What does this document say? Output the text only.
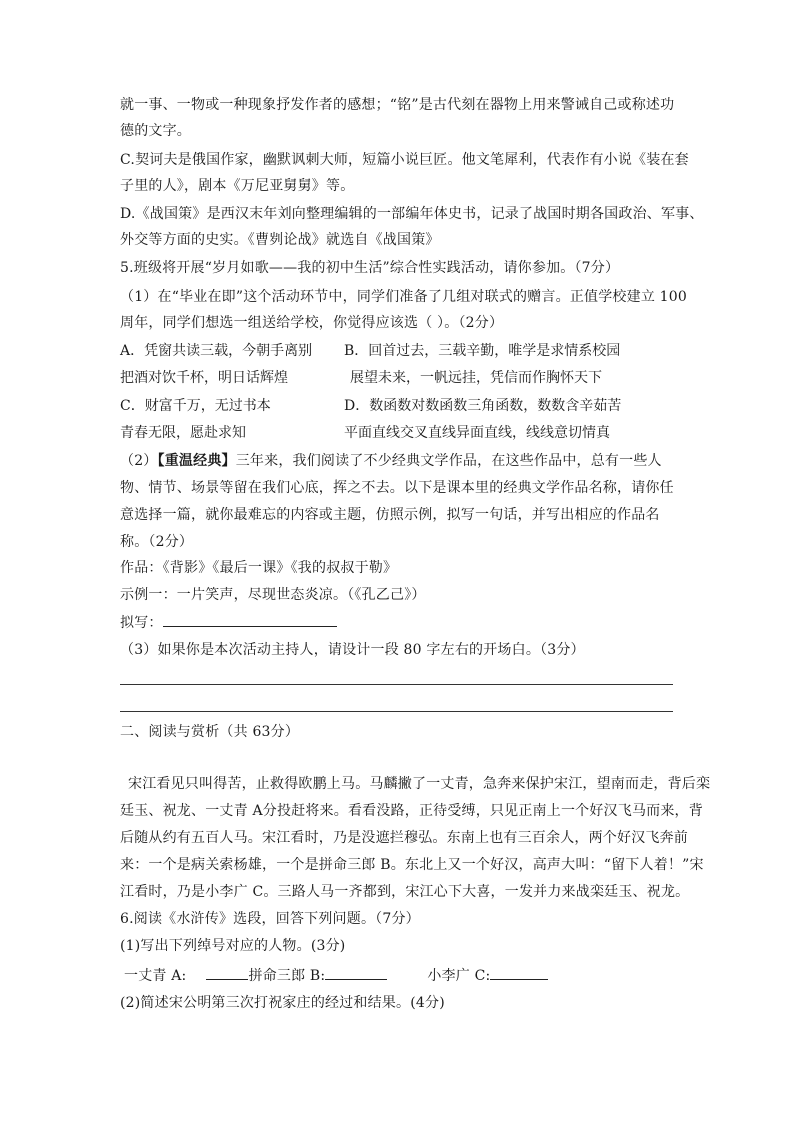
就一事、一物或一种现象抒发作者的感想；“铭”是古代刻在器物上用来警诫自己或称述功
德的文字。
C.契诃夫是俄国作家，幽默讽刺大师，短篇小说巨匠。他文笔犀利，代表作有小说《装在套
子里的人》，剧本《万尼亚舅舅》等。
D.《战国策》是西汉末年刘向整理编辑的一部编年体史书，记录了战国时期各国政治、军事、
外交等方面的史实。《曹刿论战》就选自《战国策》
5.班级将开展“岁月如歌——我的初中生活”综合性实践活动，请你参加。（7分）
（1）在“毕业在即”这个活动环节中，同学们准备了几组对联式的赠言。正值学校建立 100
周年，同学们想选一组送给学校，你觉得应该选（ ）。（2分）
A．凭窗共读三载，今朝手离别 B．回首过去，三载辛勤，唯学是求情系校园
把酒对饮千杯，明日话辉煌	展望未来，一帆远挂，凭信而作胸怀天下
C．财富千万，无过书本	D．数函数对数函数三角函数，数数含辛茹苦
青春无限，愿赴求知	平面直线交叉直线异面直线，线线意切情真
（2）【重温经典】三年来，我们阅读了不少经典文学作品，在这些作品中，总有一些人
物、情节、场景等留在我们心底，挥之不去。以下是课本里的经典文学作品名称，请你任
意选择一篇，就你最难忘的内容或主题，仿照示例，拟写一句话，并写出相应的作品名
称。（2分）
作品：《背影》《最后一课》《我的叔叔于勒》
示例一：一片笑声，尽现世态炎凉。（《孔乙己》）
拟写：
（3）如果你是本次活动主持人，请设计一段 80 字左右的开场白。（3分）
二、阅读与赏析（共 63分）
宋江看见只叫得苦，止救得欧鹏上马。马麟撇了一丈青，急奔来保护宋江，望南而走，背后栾
廷玉、祝龙、一丈青 A分投赶将来。看看没路，正待受缚，只见正南上一个好汉飞马而来，背
后随从约有五百人马。宋江看时，乃是没遮拦穆弘。东南上也有三百余人，两个好汉飞奔前
来：一个是病关索杨雄，一个是拼命三郎 B。东北上又一个好汉，高声大叫：“留下人着！”宋
江看时，乃是小李广 C。三路人马一齐都到，宋江心下大喜，一发并力来战栾廷玉、祝龙。
6.阅读《水浒传》选段，回答下列问题。（7分）
(1)写出下列绰号对应的人物。(3分)
一丈青 A:	拼命三郎 B:	小李广 C:
(2)简述宋公明第三次打祝家庄的经过和结果。(4分)
